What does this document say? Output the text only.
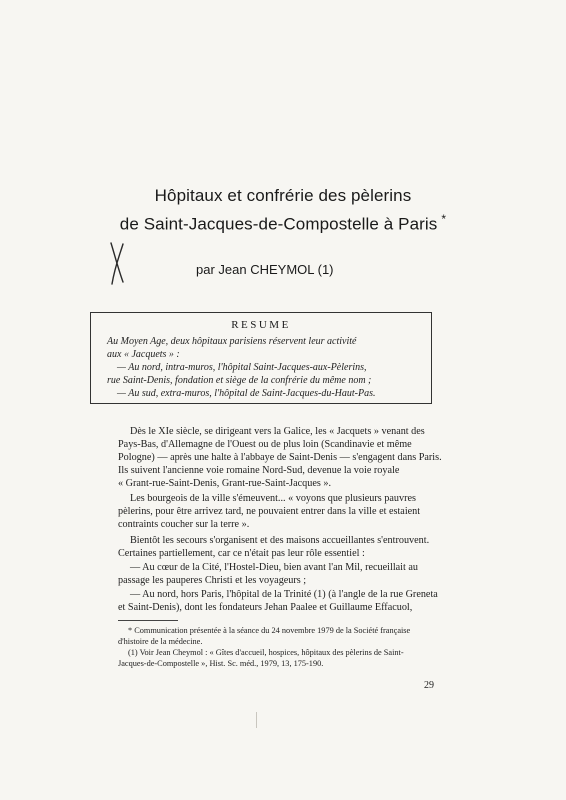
Hôpitaux et confrérie des pèlerins
de Saint-Jacques-de-Compostelle à Paris *
par Jean CHEYMOL (1)
RESUME
Au Moyen Age, deux hôpitaux parisiens réservent leur activité
aux « Jacquets » :
— Au nord, intra-muros, l'hôpital Saint-Jacques-aux-Pèlerins,
rue Saint-Denis, fondation et siège de la confrérie du même nom ;
— Au sud, extra-muros, l'hôpital de Saint-Jacques-du-Haut-Pas.
Dès le XIe siècle, se dirigeant vers la Galice, les « Jacquets » venant des
Pays-Bas, d'Allemagne de l'Ouest ou de plus loin (Scandinavie et même
Pologne) — après une halte à l'abbaye de Saint-Denis — s'engagent dans Paris.
Ils suivent l'ancienne voie romaine Nord-Sud, devenue la voie royale
« Grant-rue-Saint-Denis, Grant-rue-Saint-Jacques ».
Les bourgeois de la ville s'émeuvent... « voyons que plusieurs pauvres
pèlerins, pour être arrivez tard, ne pouvaient entrer dans la ville et estaient
contraints coucher sur la terre ».
Bientôt les secours s'organisent et des maisons accueillantes s'entrouvent.
Certaines partiellement, car ce n'était pas leur rôle essentiel :
— Au cœur de la Cité, l'Hostel-Dieu, bien avant l'an Mil, recueillait au
passage les pauperes Christi et les voyageurs ;
— Au nord, hors Paris, l'hôpital de la Trinité (1) (à l'angle de la rue Greneta
et Saint-Denis), dont les fondateurs Jehan Paalee et Guillaume Effacuol,
* Communication présentée à la séance du 24 novembre 1979 de la Société française
d'histoire de la médecine.
(1) Voir Jean Cheymol : « Gîtes d'accueil, hospices, hôpitaux des pèlerins de Saint-
Jacques-de-Compostelle », Hist. Sc. méd., 1979, 13, 175-190.
29
